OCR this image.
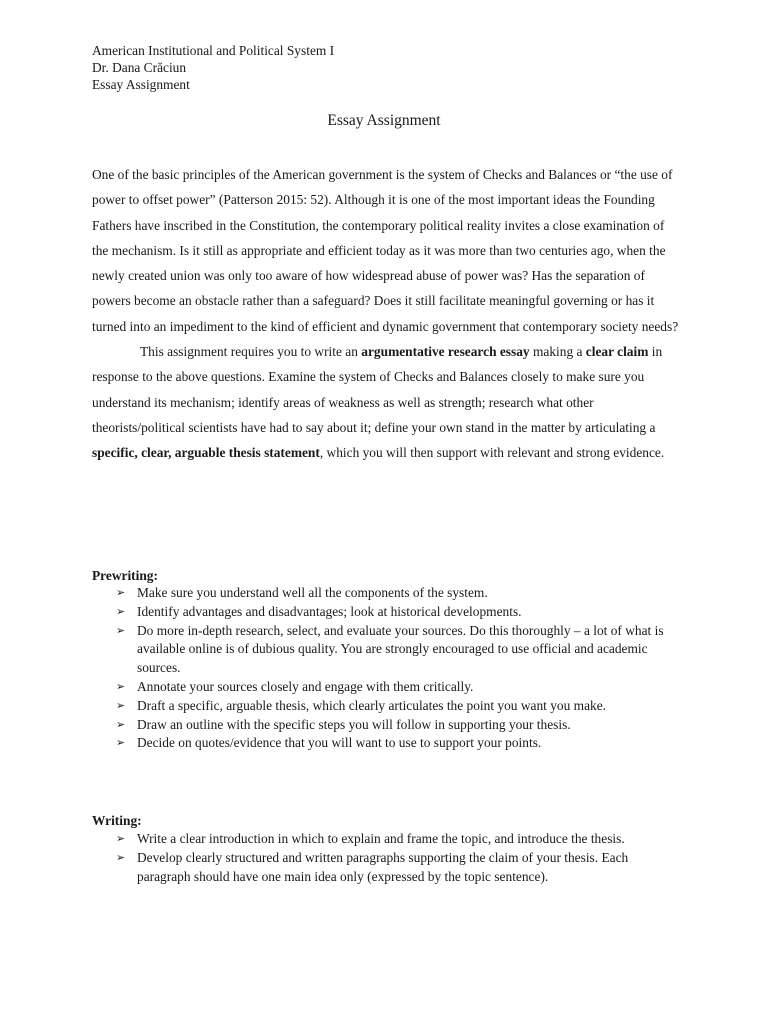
American Institutional and Political System I
Dr. Dana Crăciun
Essay Assignment
Essay Assignment

One of the basic principles of the American government is the system of Checks and Balances or “the use of power to offset power” (Patterson 2015: 52). Although it is one of the most important ideas the Founding Fathers have inscribed in the Constitution, the contemporary political reality invites a close examination of the mechanism. Is it still as appropriate and efficient today as it was more than two centuries ago, when the newly created union was only too aware of how widespread abuse of power was? Has the separation of powers become an obstacle rather than a safeguard? Does it still facilitate meaningful governing or has it turned into an impediment to the kind of efficient and dynamic government that contemporary society needs?

This assignment requires you to write an argumentative research essay making a clear claim in response to the above questions. Examine the system of Checks and Balances closely to make sure you understand its mechanism; identify areas of weakness as well as strength; research what other theorists/political scientists have had to say about it; define your own stand in the matter by articulating a specific, clear, arguable thesis statement, which you will then support with relevant and strong evidence.

Prewriting:
➢ Make sure you understand well all the components of the system.
➢ Identify advantages and disadvantages; look at historical developments.
➢ Do more in-depth research, select, and evaluate your sources. Do this thoroughly – a lot of what is available online is of dubious quality. You are strongly encouraged to use official and academic sources.
➢ Annotate your sources closely and engage with them critically.
➢ Draft a specific, arguable thesis, which clearly articulates the point you want you make.
➢ Draw an outline with the specific steps you will follow in supporting your thesis.
➢ Decide on quotes/evidence that you will want to use to support your points.
Writing:
➢ Write a clear introduction in which to explain and frame the topic, and introduce the thesis.
➢ Develop clearly structured and written paragraphs supporting the claim of your thesis. Each paragraph should have one main idea only (expressed by the topic sentence).
